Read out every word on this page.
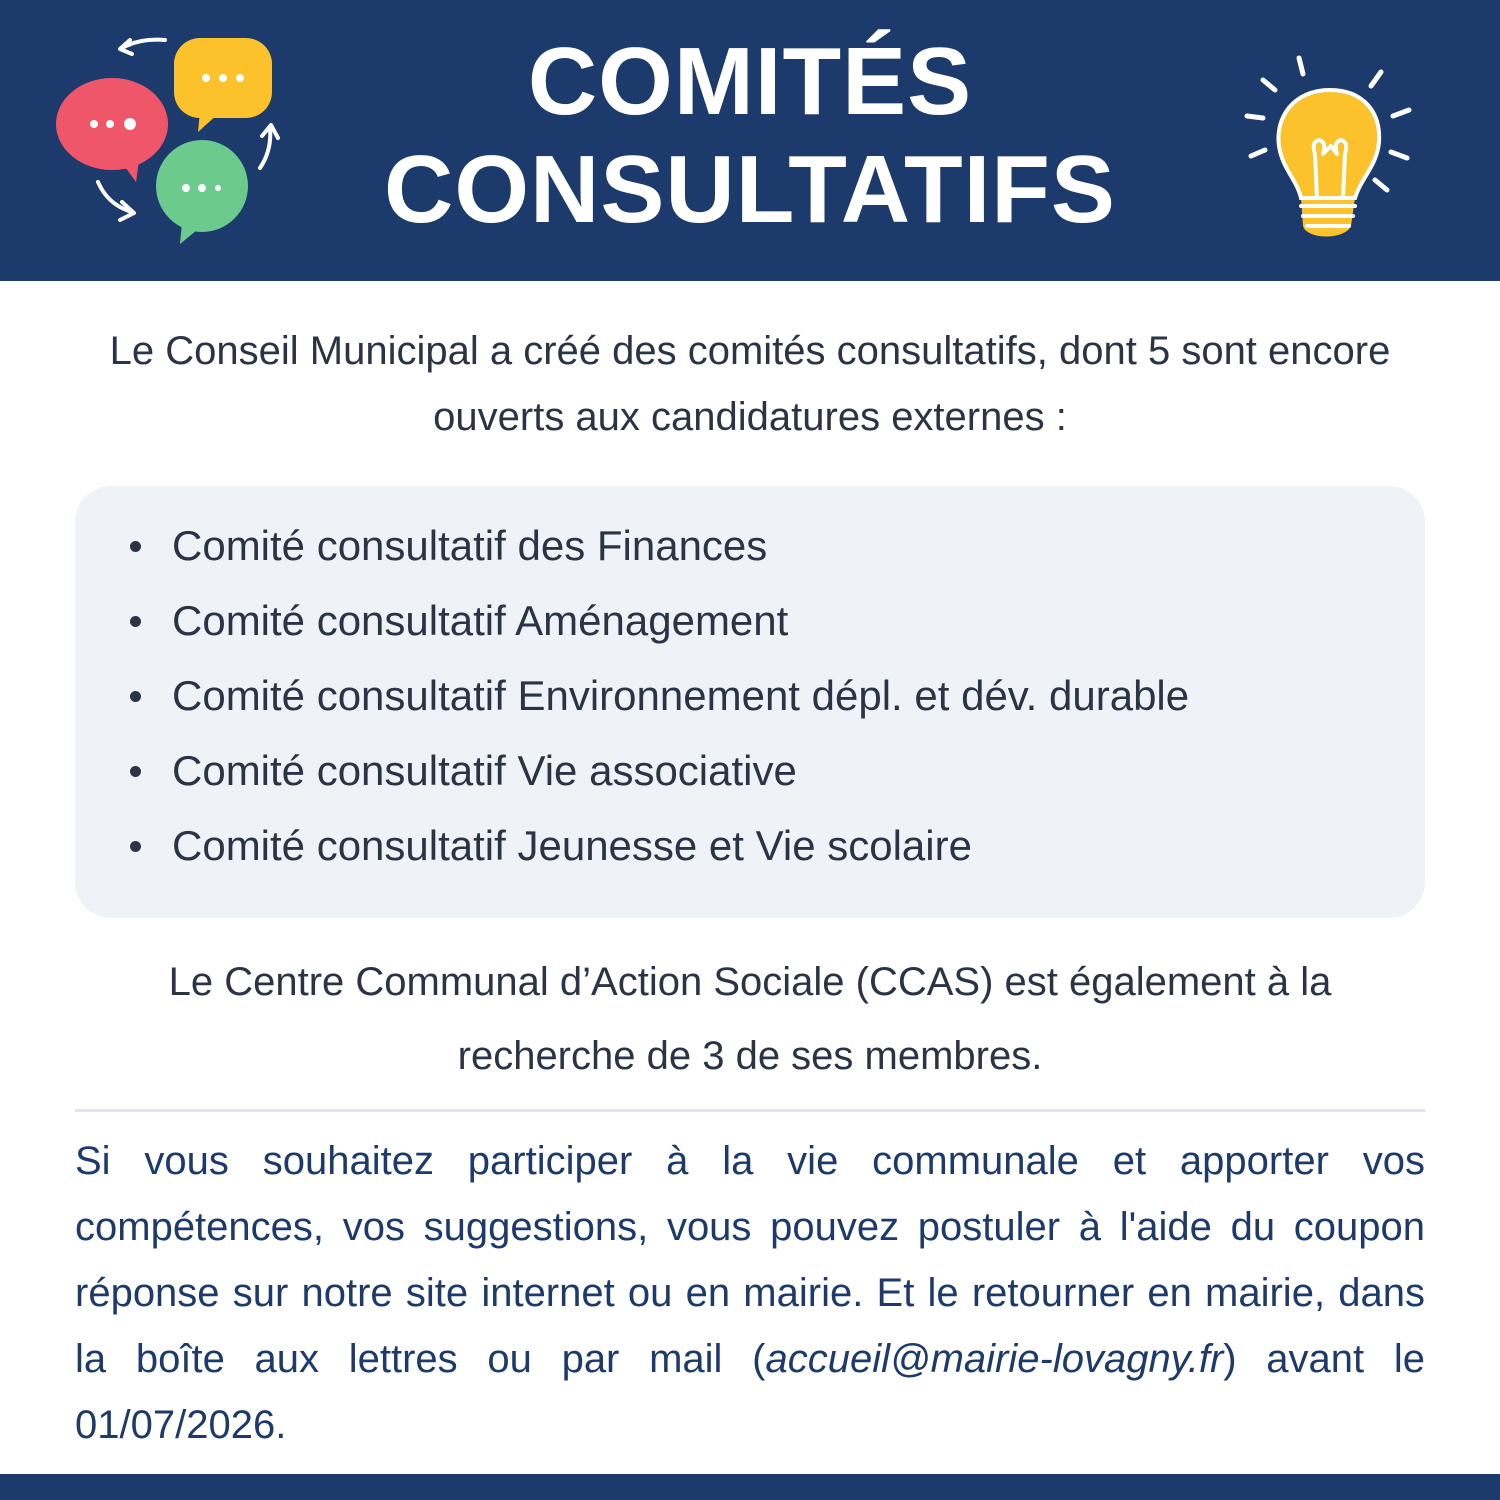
COMITÉS
CONSULTATIFS

Le Conseil Municipal a créé des comités consultatifs, dont 5 sont encore ouverts aux candidatures externes :

Comité consultatif des Finances
Comité consultatif Aménagement
Comité consultatif Environnement dépl. et dév. durable
Comité consultatif Vie associative
Comité consultatif Jeunesse et Vie scolaire

Le Centre Communal d’Action Sociale (CCAS) est également à la recherche de 3 de ses membres.

Si vous souhaitez participer à la vie communale et apporter vos compétences, vos suggestions, vous pouvez postuler à l'aide du coupon réponse sur notre site internet ou en mairie. Et le retourner en mairie, dans la boîte aux lettres ou par mail (accueil@mairie-lovagny.fr) avant le 01/07/2026.
